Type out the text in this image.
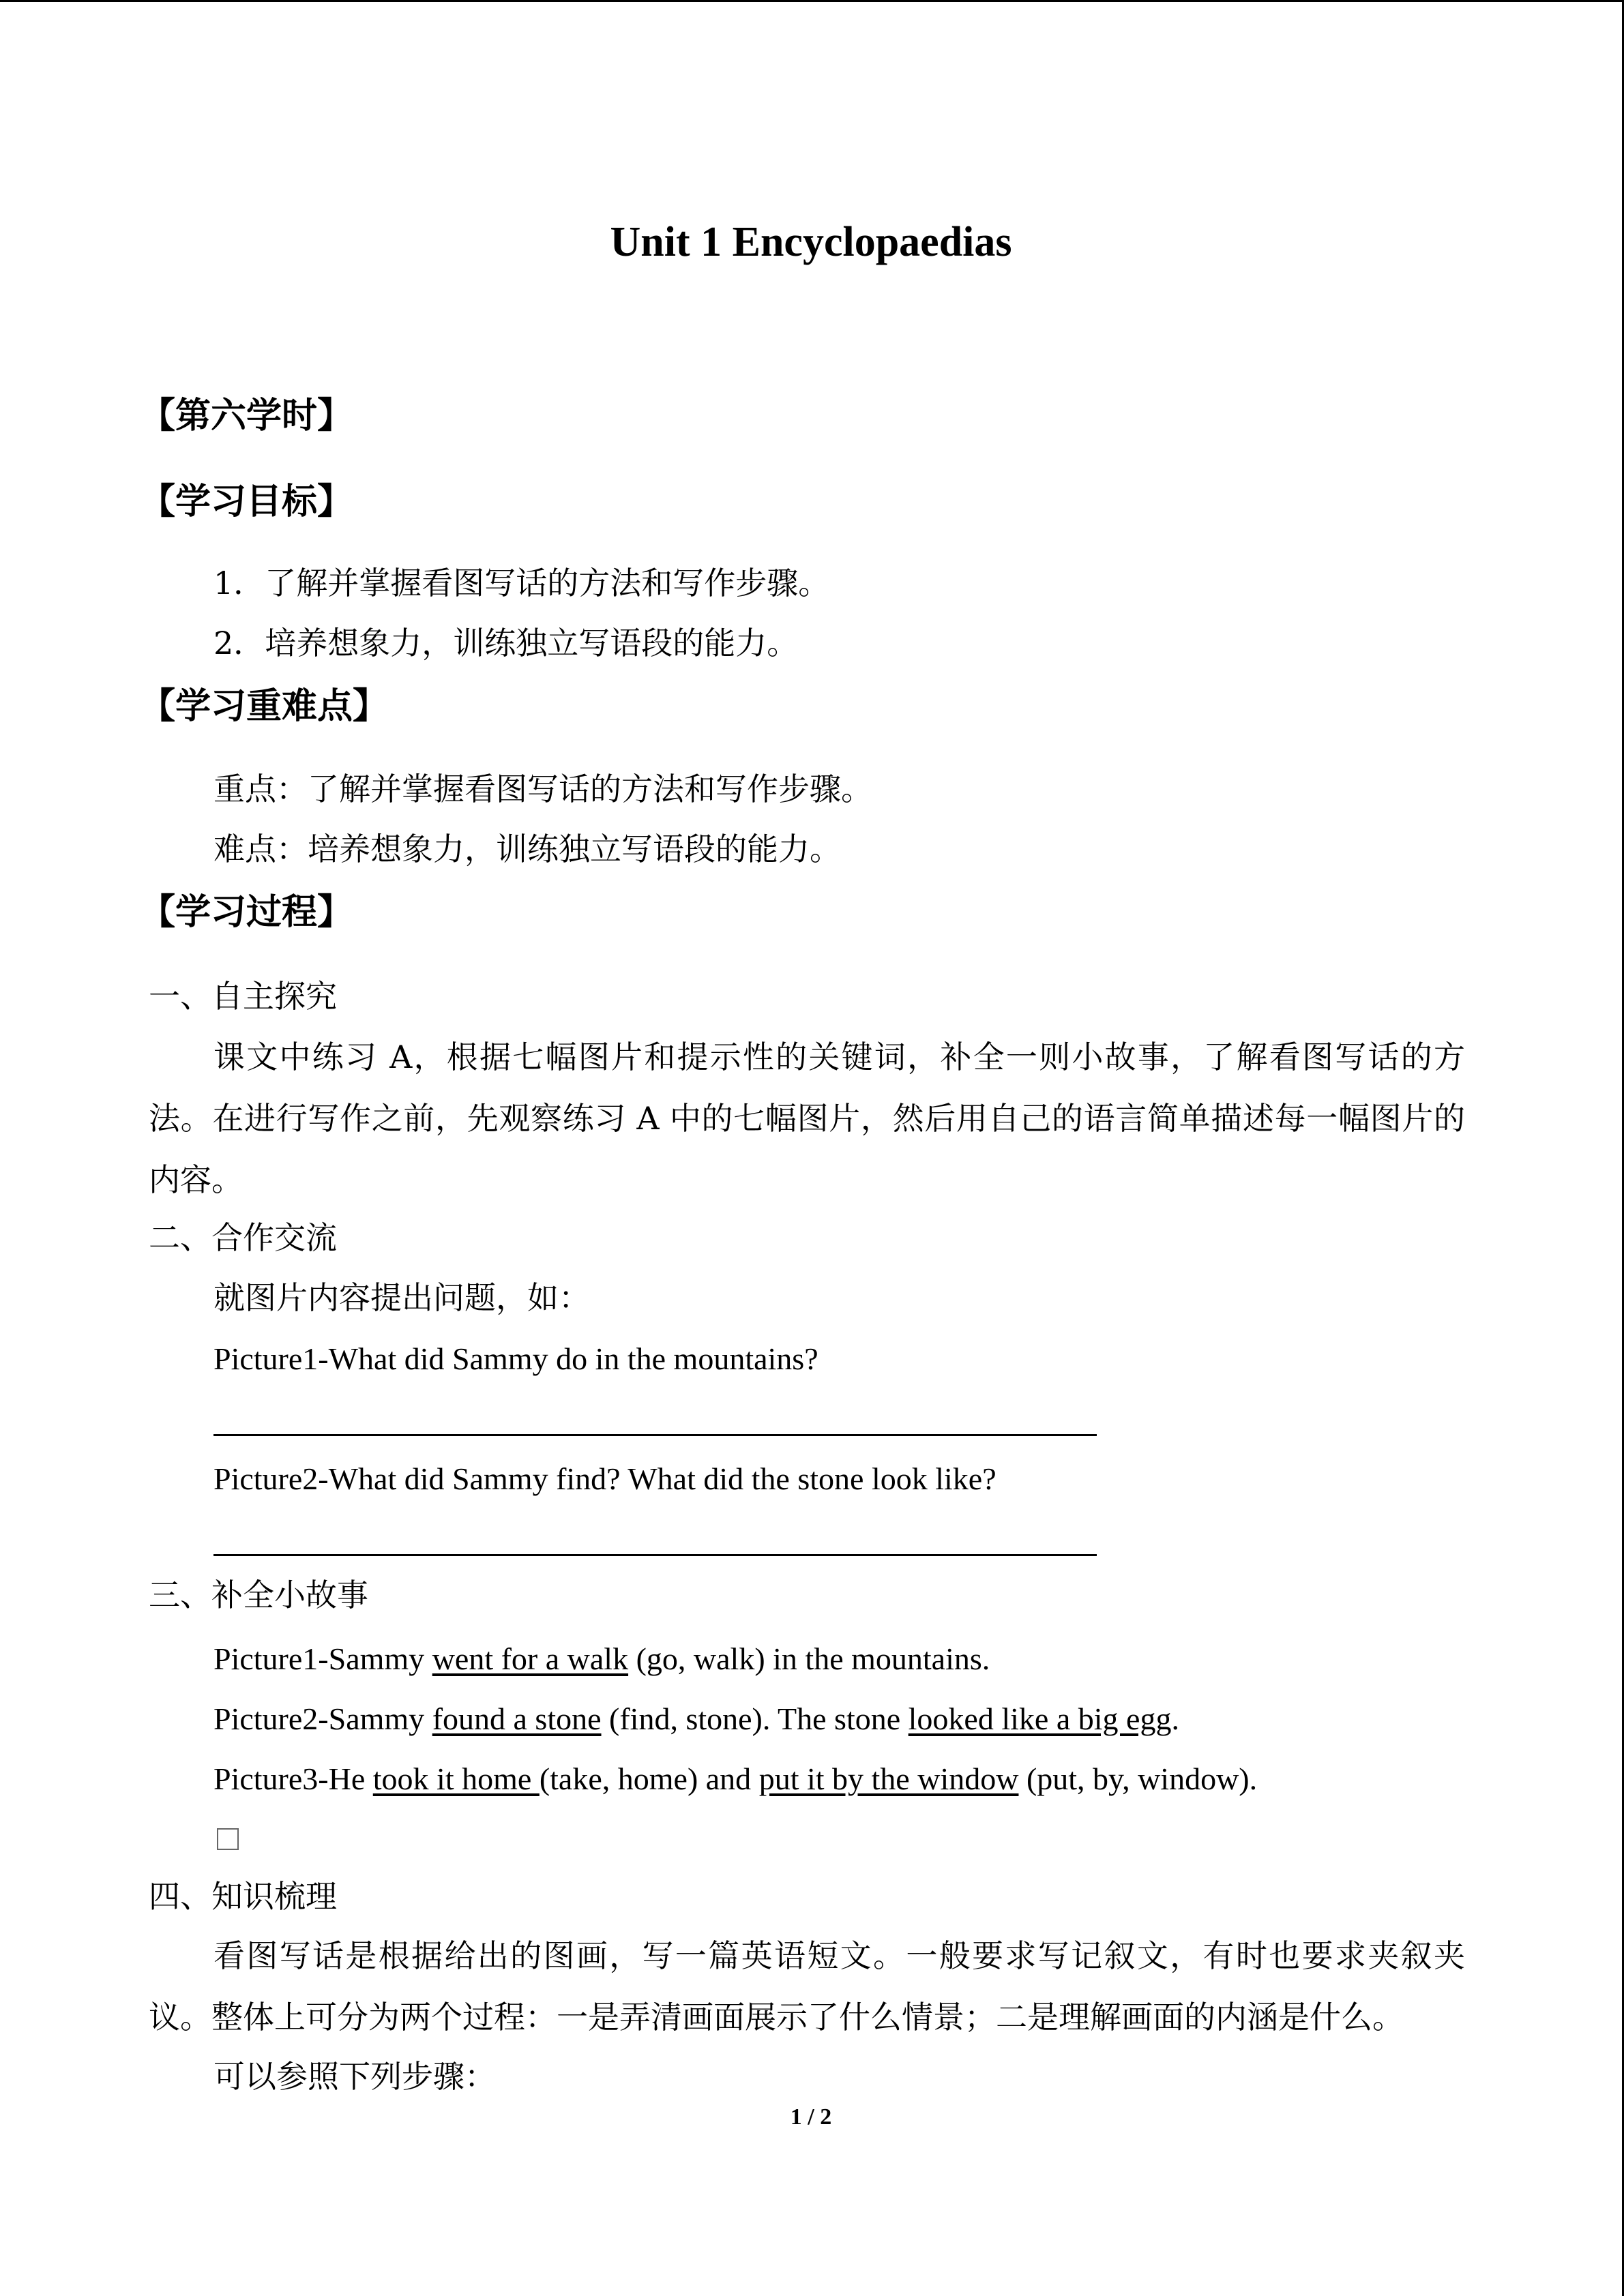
Unit 1 Encyclopaedias
【第六学时】
【学习目标】
1．了解并掌握看图写话的方法和写作步骤。
2．培养想象力，训练独立写语段的能力。
【学习重难点】
重点：了解并掌握看图写话的方法和写作步骤。
难点：培养想象力，训练独立写语段的能力。
【学习过程】
一、自主探究
课文中练习 A，根据七幅图片和提示性的关键词，补全一则小故事，了解看图写话的方法。在进行写作之前，先观察练习 A 中的七幅图片，然后用自己的语言简单描述每一幅图片的内容。
二、合作交流
就图片内容提出问题，如：
Picture1-What did Sammy do in the mountains?
Picture2-What did Sammy find? What did the stone look like?
三、补全小故事
Picture1-Sammy went for a walk (go, walk) in the mountains.
Picture2-Sammy found a stone (find, stone). The stone looked like a big egg.
Picture3-He took it home (take, home) and put it by the window (put, by, window).
四、知识梳理
看图写话是根据给出的图画，写一篇英语短文。一般要求写记叙文，有时也要求夹叙夹议。整体上可分为两个过程：一是弄清画面展示了什么情景；二是理解画面的内涵是什么。
可以参照下列步骤：
1 / 2
